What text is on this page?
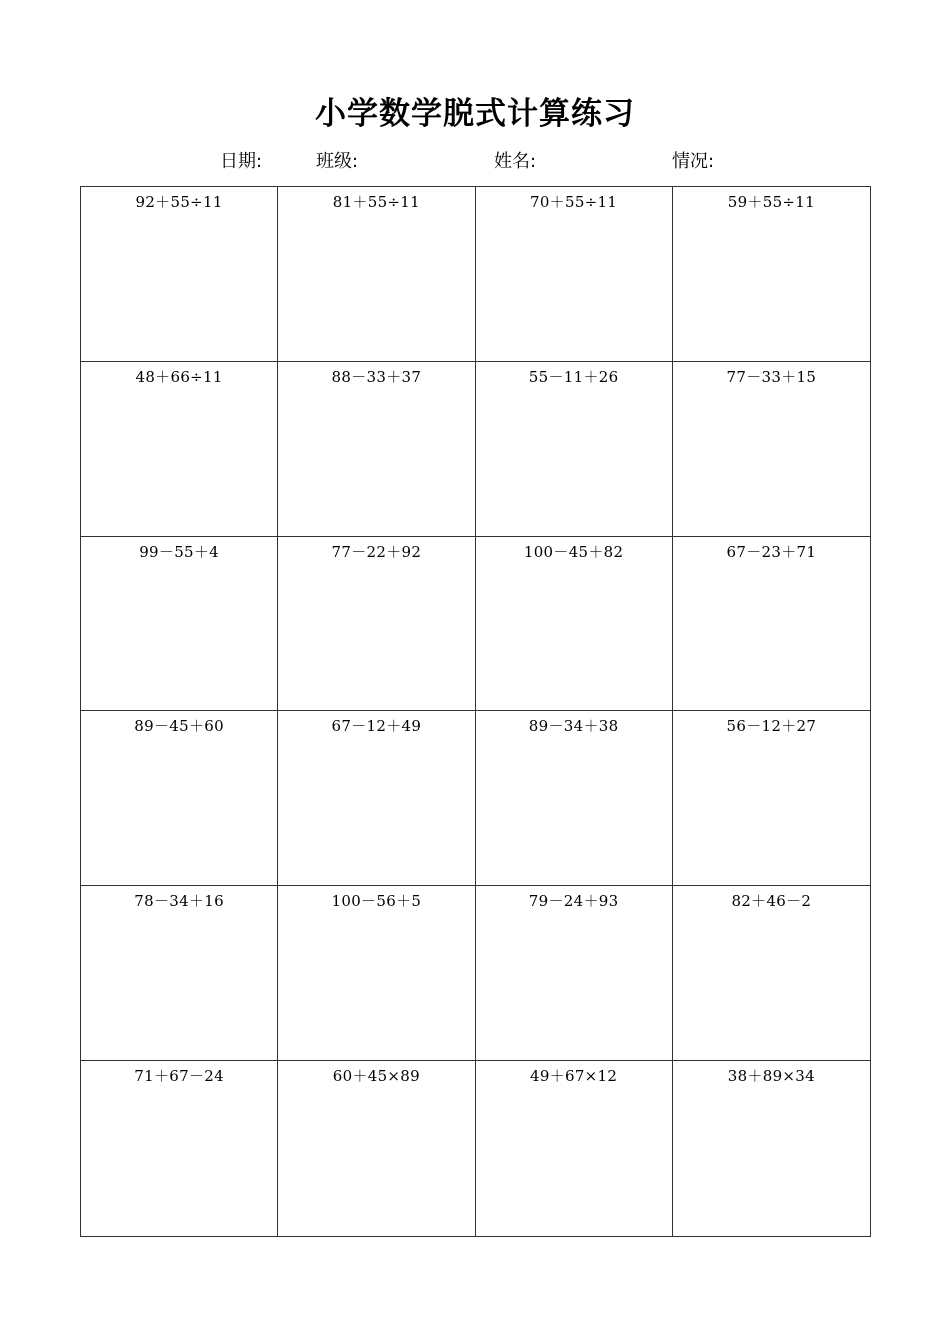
小学数学脱式计算练习
日期:	班级:	姓名:	情况:
92＋55÷11	81＋55÷11	70＋55÷11	59＋55÷11
48＋66÷11	88－33＋37	55－11＋26	77－33＋15
99－55＋4	77－22＋92	100－45＋82	67－23＋71
89－45＋60	67－12＋49	89－34＋38	56－12＋27
78－34＋16	100－56＋5	79－24＋93	82＋46－2
71＋67－24	60＋45×89	49＋67×12	38＋89×34
